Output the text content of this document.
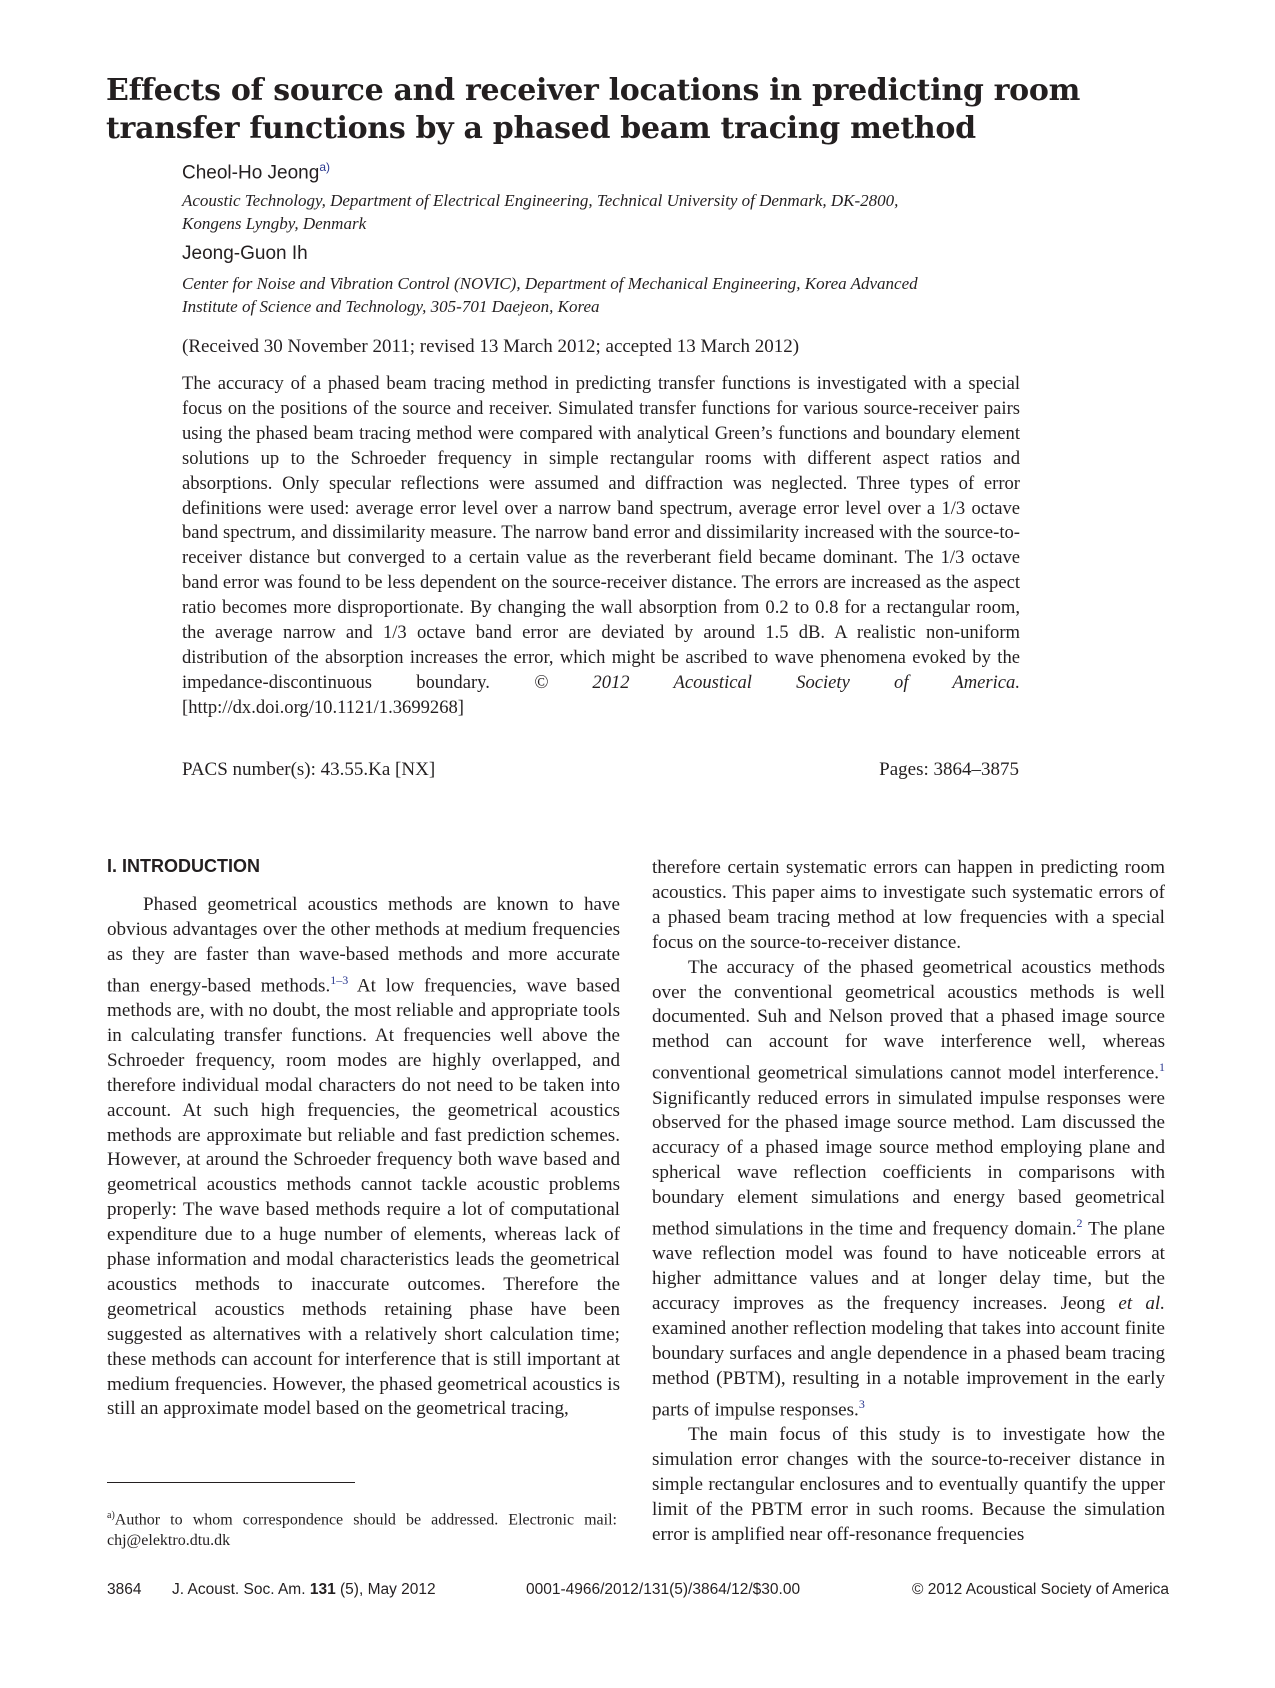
Effects of source and receiver locations in predicting room
transfer functions by a phased beam tracing method
Cheol-Ho Jeong$^{a)}$
Acoustic Technology, Department of Electrical Engineering, Technical University of Denmark, DK-2800,
Kongens Lyngby, Denmark
Jeong-Guon Ih
Center for Noise and Vibration Control (NOVIC), Department of Mechanical Engineering, Korea Advanced
Institute of Science and Technology, 305-701 Daejeon, Korea
(Received 30 November 2011; revised 13 March 2012; accepted 13 March 2012)
The accuracy of a phased beam tracing method in predicting transfer functions is investigated with a special focus on the positions of the source and receiver. Simulated transfer functions for various source-receiver pairs using the phased beam tracing method were compared with analytical Green’s functions and boundary element solutions up to the Schroeder frequency in simple rectangular rooms with different aspect ratios and absorptions. Only specular reflections were assumed and diffraction was neglected. Three types of error definitions were used: average error level over a narrow band spectrum, average error level over a 1/3 octave band spectrum, and dissimilarity measure. The narrow band error and dissimilarity increased with the source-to-receiver distance but converged to a certain value as the reverberant field became dominant. The 1/3 octave band error was found to be less dependent on the source-receiver distance. The errors are increased as the aspect ratio becomes more disproportionate. By changing the wall absorption from 0.2 to 0.8 for a rectangular room, the average narrow and 1/3 octave band error are deviated by around 1.5 dB. A realistic non-uniform distribution of the absorption increases the error, which might be ascribed to wave phenomena evoked by the impedance-discontinuous boundary. © 2012 Acoustical Society of America. [http://dx.doi.org/10.1121/1.3699268]
PACS number(s): 43.55.Ka [NX]	Pages: 3864–3875
I. INTRODUCTION

Phased geometrical acoustics methods are known to have obvious advantages over the other methods at medium frequencies as they are faster than wave-based methods and more accurate than energy-based methods.$^{1-3}$ At low frequencies, wave based methods are, with no doubt, the most reliable and appropriate tools in calculating transfer functions. At frequencies well above the Schroeder frequency, room modes are highly overlapped, and therefore individual modal characters do not need to be taken into account. At such high frequencies, the geometrical acoustics methods are approximate but reliable and fast prediction schemes. However, at around the Schroeder frequency both wave based and geometrical acoustics methods cannot tackle acoustic problems properly: The wave based methods require a lot of computational expenditure due to a huge number of elements, whereas lack of phase information and modal characteristics leads the geometrical acoustics methods to inaccurate outcomes. Therefore the geometrical acoustics methods retaining phase have been suggested as alternatives with a relatively short calculation time; these methods can account for interference that is still important at medium frequencies. However, the phased geometrical acoustics is still an approximate model based on the geometrical tracing,

therefore certain systematic errors can happen in predicting room acoustics. This paper aims to investigate such systematic errors of a phased beam tracing method at low frequencies with a special focus on the source-to-receiver distance.

The accuracy of the phased geometrical acoustics methods over the conventional geometrical acoustics methods is well documented. Suh and Nelson proved that a phased image source method can account for wave interference well, whereas conventional geometrical simulations cannot model interference.$^1$ Significantly reduced errors in simulated impulse responses were observed for the phased image source method. Lam discussed the accuracy of a phased image source method employing plane and spherical wave reflection coefficients in comparisons with boundary element simulations and energy based geometrical method simulations in the time and frequency domain.$^2$ The plane wave reflection model was found to have noticeable errors at higher admittance values and at longer delay time, but the accuracy improves as the frequency increases. Jeong et al. examined another reflection modeling that takes into account finite boundary surfaces and angle dependence in a phased beam tracing method (PBTM), resulting in a notable improvement in the early parts of impulse responses.$^3$

The main focus of this study is to investigate how the simulation error changes with the source-to-receiver distance in simple rectangular enclosures and to eventually quantify the upper limit of the PBTM error in such rooms. Because the simulation error is amplified near off-resonance frequencies

$^{a)}$Author to whom correspondence should be addressed. Electronic mail: chj@elektro.dtu.dk
3864 J. Acoust. Soc. Am. 131 (5), May 2012	0001-4966/2012/131(5)/3864/12/$30.00	© 2012 Acoustical Society of America
